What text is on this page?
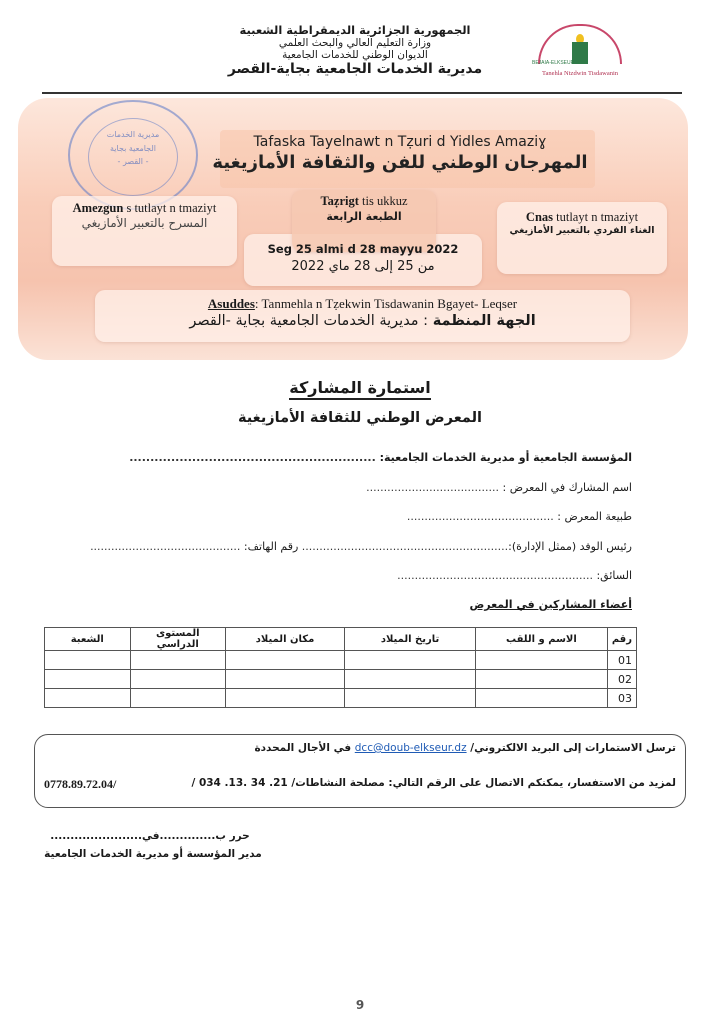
الجمهورية الجزائرية الديمقراطية الشعبية
وزارة التعليم العالي والبحث العلمي
الديوان الوطني للخدمات الجامعية
مديرية الخدمات الجامعية بجاية-القصر	BEJAIA-ELKSEUR
Tanehla Ntzdwin Tisdawanin
مديرية الخدمات
الجامعية بجاية
- القصر -
Tafaska Tayelnawt n Tẓuri d Yidles Amaziɣ
المهرجان الوطني للفن والثقافة الأمازيغية
Amezgun s tutlayt n tmaziyt
المسرح بالتعبير الأمازيغي
Taẓrigt tis ukkuz
الطبعة الرابعة
Seg 25 almi d 28 mayyu 2022
من 25 إلى 28 ماي 2022
Cnas tutlayt n tmaziyt
الغناء الفردي بالتعبير الأمازيغي
Asuddes: Tanmehla n Tẓekwin Tisdawanin Bgayet- Leqser
الجهة المنظمة : مديرية الخدمات الجامعية بجاية -القصر
استمارة المشاركة
المعرض الوطني للثقافة الأمازيغية
المؤسسة الجامعية أو مديرية الخدمات الجامعية: ...........................................................
اسم المشارك في المعرض : ......................................
طبيعة المعرض : ..........................................
رئيس الوفد (ممثل الإدارة):........................................................... رقم الهاتف: ...........................................
السائق: ........................................................
أعضاء المشاركين في المعرض
رقم	الاسم و اللقب	تاريخ الميلاد	مكان الميلاد	المستوى الدراسي	الشعبة
01					
02					
03					
ترسل الاستمارات إلى البريد الالكتروني/ dcc@doub-elkseur.dz في الأجال المحددة
لمزيد من الاستفسار، يمكنكم الاتصال على الرقم التالي: مصلحة النشاطات/ 21. 34 .13. 034 /
0778.89.72.04/
حرر ب..............في.......................
مدير المؤسسة أو مديرية الخدمات الجامعية
9
